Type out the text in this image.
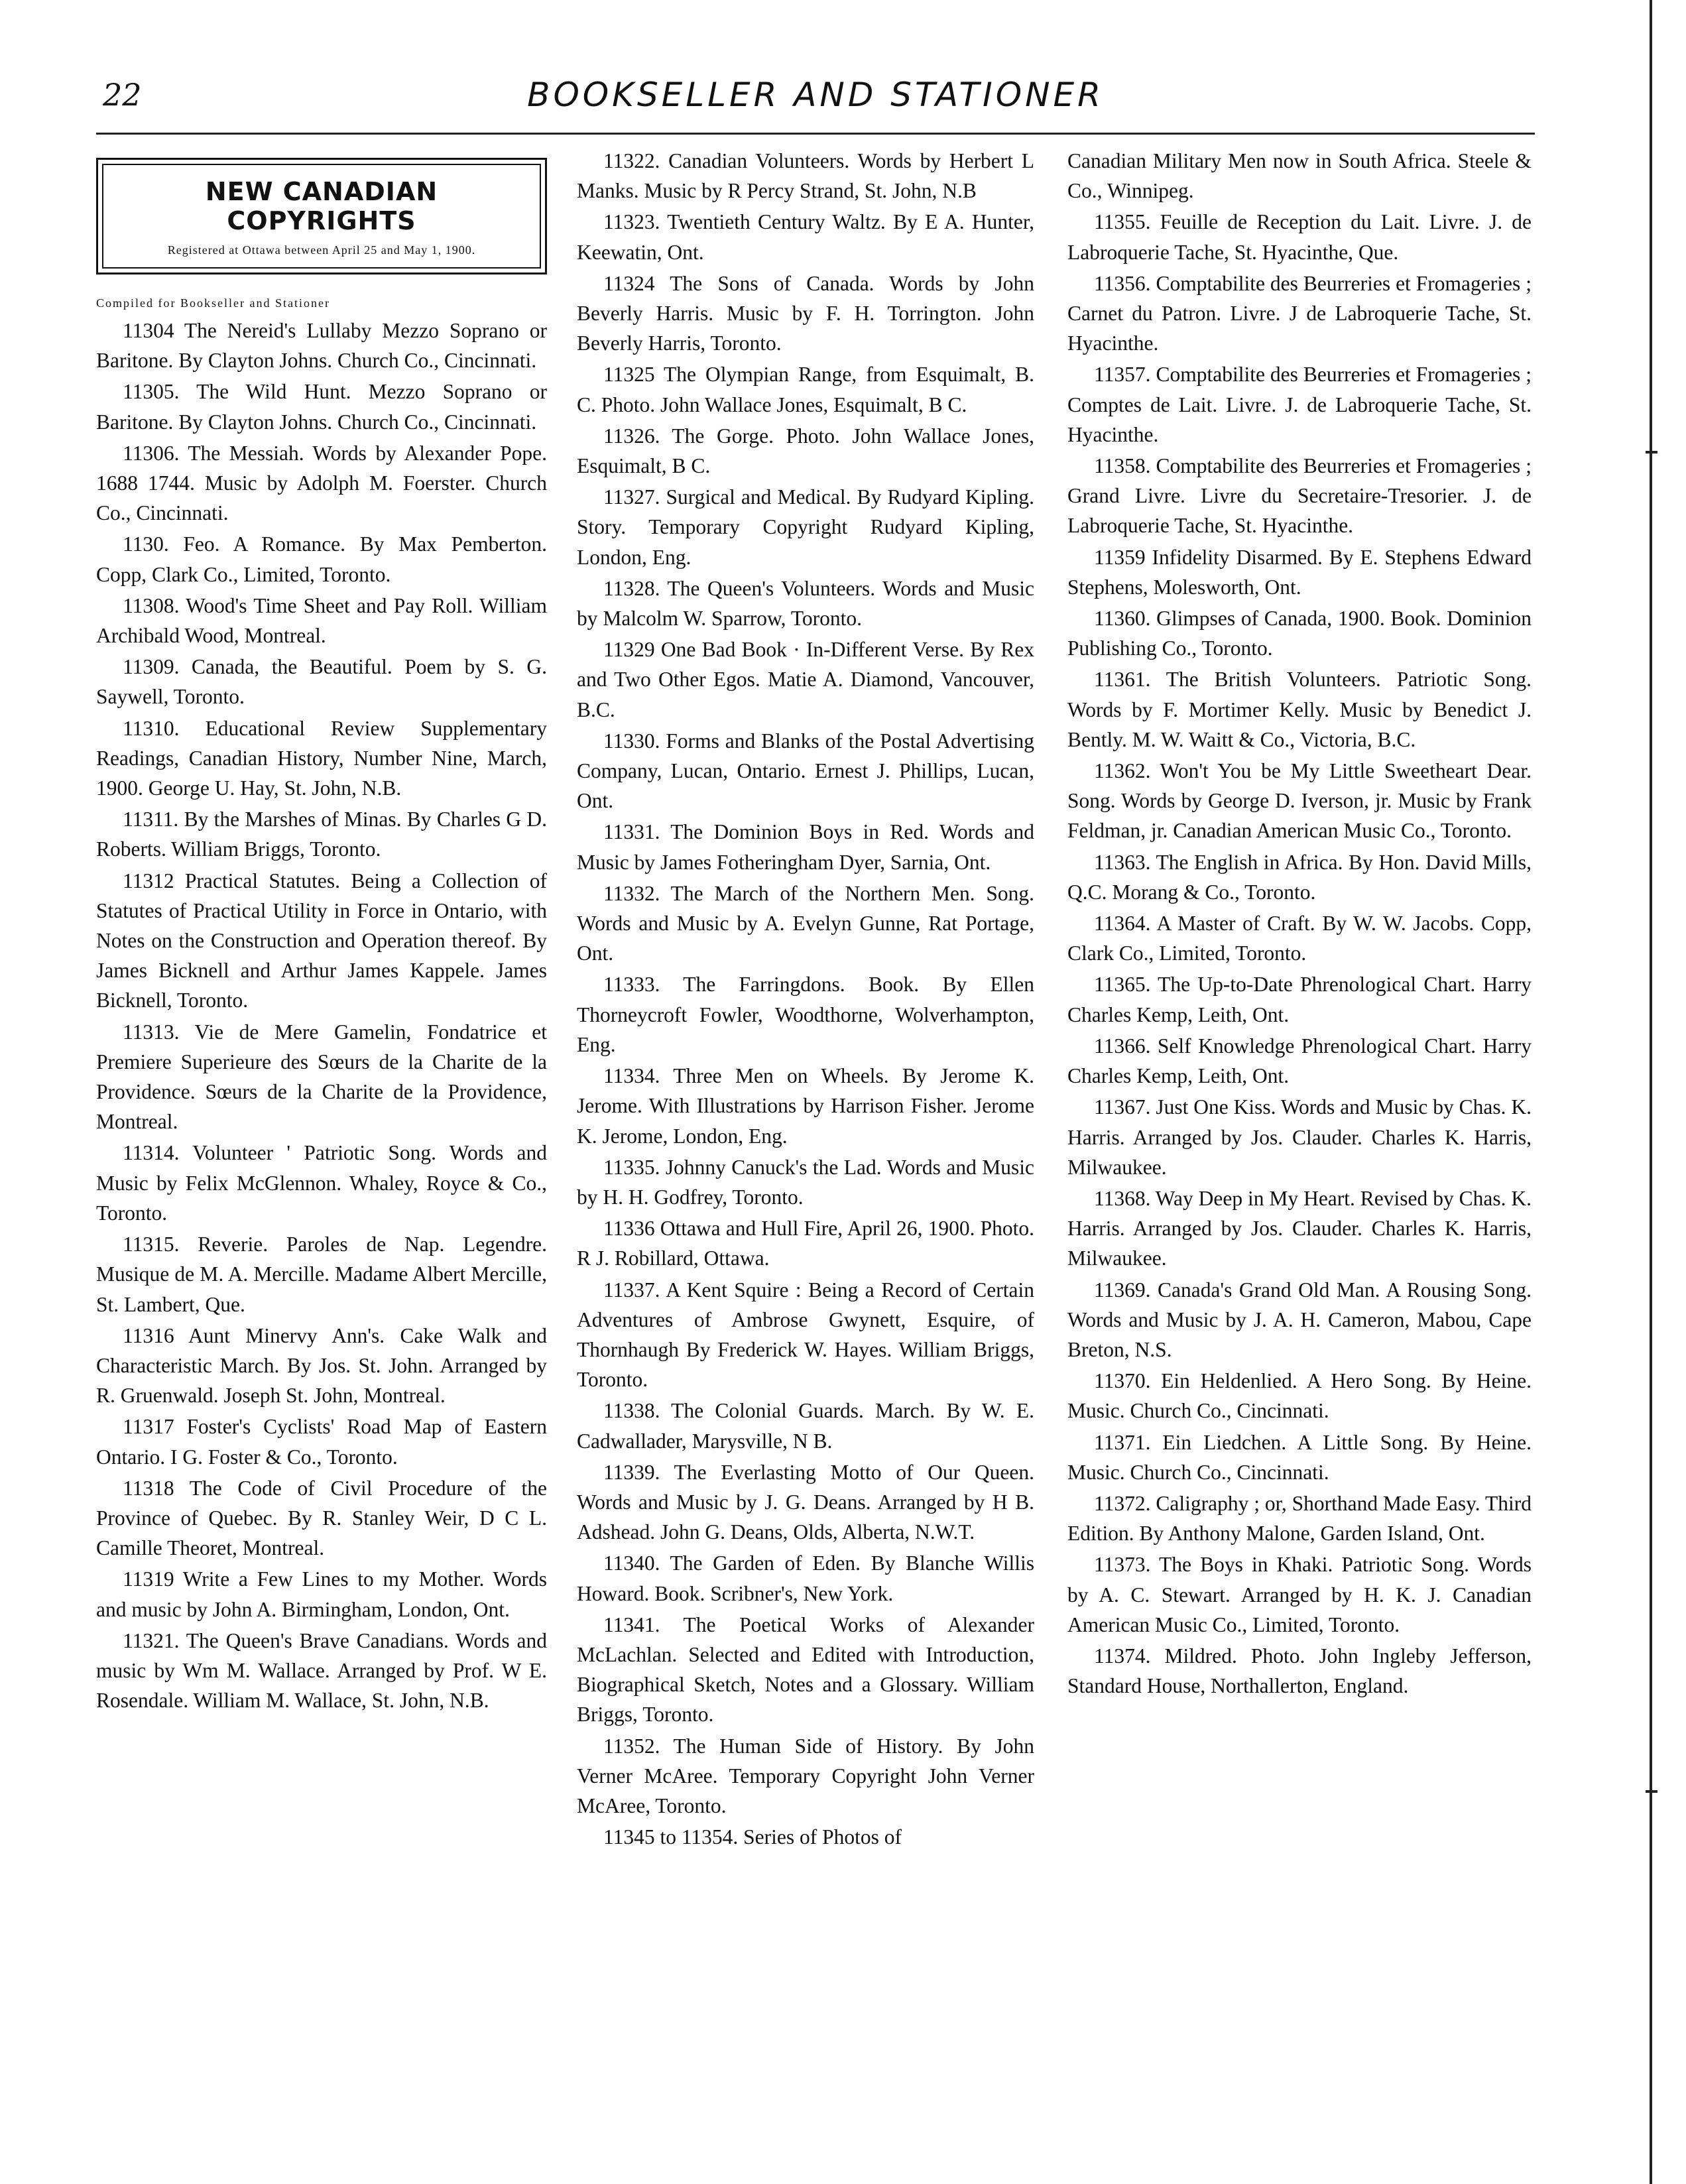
22	BOOKSELLER AND STATIONER
NEW CANADIAN COPYRIGHTS
Registered at Ottawa between April 25 and May 1, 1900.

Compiled for Bookseller and Stationer

11304 The Nereid's Lullaby Mezzo Soprano or Baritone. By Clayton Johns. Church Co., Cincinnati.

11305. The Wild Hunt. Mezzo Soprano or Baritone. By Clayton Johns. Church Co., Cincinnati.

11306. The Messiah. Words by Alexander Pope. 1688 1744. Music by Adolph M. Foerster. Church Co., Cincinnati.

1130. Feo. A Romance. By Max Pemberton. Copp, Clark Co., Limited, Toronto.

11308. Wood's Time Sheet and Pay Roll. William Archibald Wood, Montreal.

11309. Canada, the Beautiful. Poem by S. G. Saywell, Toronto.

11310. Educational Review Supplementary Readings, Canadian History, Number Nine, March, 1900. George U. Hay, St. John, N.B.

11311. By the Marshes of Minas. By Charles G D. Roberts. William Briggs, Toronto.

11312 Practical Statutes. Being a Collection of Statutes of Practical Utility in Force in Ontario, with Notes on the Construction and Operation thereof. By James Bicknell and Arthur James Kappele. James Bicknell, Toronto.

11313. Vie de Mere Gamelin, Fondatrice et Premiere Superieure des Sœurs de la Charite de la Providence. Sœurs de la Charite de la Providence, Montreal.

11314. Volunteer ' Patriotic Song. Words and Music by Felix McGlennon. Whaley, Royce & Co., Toronto.

11315. Reverie. Paroles de Nap. Legendre. Musique de M. A. Mercille. Madame Albert Mercille, St. Lambert, Que.

11316 Aunt Minervy Ann's. Cake Walk and Characteristic March. By Jos. St. John. Arranged by R. Gruenwald. Joseph St. John, Montreal.

11317 Foster's Cyclists' Road Map of Eastern Ontario. I G. Foster & Co., Toronto.

11318 The Code of Civil Procedure of the Province of Quebec. By R. Stanley Weir, D C L. Camille Theoret, Montreal.

11319 Write a Few Lines to my Mother. Words and music by John A. Birmingham, London, Ont.

11321. The Queen's Brave Canadians. Words and music by Wm M. Wallace. Arranged by Prof. W E. Rosendale. William M. Wallace, St. John, N.B.

11322. Canadian Volunteers. Words by Herbert L Manks. Music by R Percy Strand, St. John, N.B

11323. Twentieth Century Waltz. By E A. Hunter, Keewatin, Ont.

11324 The Sons of Canada. Words by John Beverly Harris. Music by F. H. Torrington. John Beverly Harris, Toronto.

11325 The Olympian Range, from Esquimalt, B. C. Photo. John Wallace Jones, Esquimalt, B C.

11326. The Gorge. Photo. John Wallace Jones, Esquimalt, B C.

11327. Surgical and Medical. By Rudyard Kipling. Story. Temporary Copyright Rudyard Kipling, London, Eng.

11328. The Queen's Volunteers. Words and Music by Malcolm W. Sparrow, Toronto.

11329 One Bad Book · In-Different Verse. By Rex and Two Other Egos. Matie A. Diamond, Vancouver, B.C.

11330. Forms and Blanks of the Postal Advertising Company, Lucan, Ontario. Ernest J. Phillips, Lucan, Ont.

11331. The Dominion Boys in Red. Words and Music by James Fotheringham Dyer, Sarnia, Ont.

11332. The March of the Northern Men. Song. Words and Music by A. Evelyn Gunne, Rat Portage, Ont.

11333. The Farringdons. Book. By Ellen Thorneycroft Fowler, Woodthorne, Wolverhampton, Eng.

11334. Three Men on Wheels. By Jerome K. Jerome. With Illustrations by Harrison Fisher. Jerome K. Jerome, London, Eng.

11335. Johnny Canuck's the Lad. Words and Music by H. H. Godfrey, Toronto.

11336 Ottawa and Hull Fire, April 26, 1900. Photo. R J. Robillard, Ottawa.

11337. A Kent Squire : Being a Record of Certain Adventures of Ambrose Gwynett, Esquire, of Thornhaugh By Frederick W. Hayes. William Briggs, Toronto.

11338. The Colonial Guards. March. By W. E. Cadwallader, Marysville, N B.

11339. The Everlasting Motto of Our Queen. Words and Music by J. G. Deans. Arranged by H B. Adshead. John G. Deans, Olds, Alberta, N.W.T.

11340. The Garden of Eden. By Blanche Willis Howard. Book. Scribner's, New York.

11341. The Poetical Works of Alexander McLachlan. Selected and Edited with Introduction, Biographical Sketch, Notes and a Glossary. William Briggs, Toronto.

11352. The Human Side of History. By John Verner McAree. Temporary Copyright John Verner McAree, Toronto.

11345 to 11354. Series of Photos of

Canadian Military Men now in South Africa. Steele & Co., Winnipeg.

11355. Feuille de Reception du Lait. Livre. J. de Labroquerie Tache, St. Hyacinthe, Que.

11356. Comptabilite des Beurreries et Fromageries ; Carnet du Patron. Livre. J de Labroquerie Tache, St. Hyacinthe.

11357. Comptabilite des Beurreries et Fromageries ; Comptes de Lait. Livre. J. de Labroquerie Tache, St. Hyacinthe.

11358. Comptabilite des Beurreries et Fromageries ; Grand Livre. Livre du Secretaire-Tresorier. J. de Labroquerie Tache, St. Hyacinthe.

11359 Infidelity Disarmed. By E. Stephens Edward Stephens, Molesworth, Ont.

11360. Glimpses of Canada, 1900. Book. Dominion Publishing Co., Toronto.

11361. The British Volunteers. Patriotic Song. Words by F. Mortimer Kelly. Music by Benedict J. Bently. M. W. Waitt & Co., Victoria, B.C.

11362. Won't You be My Little Sweetheart Dear. Song. Words by George D. Iverson, jr. Music by Frank Feldman, jr. Canadian American Music Co., Toronto.

11363. The English in Africa. By Hon. David Mills, Q.C. Morang & Co., Toronto.

11364. A Master of Craft. By W. W. Jacobs. Copp, Clark Co., Limited, Toronto.

11365. The Up-to-Date Phrenological Chart. Harry Charles Kemp, Leith, Ont.

11366. Self Knowledge Phrenological Chart. Harry Charles Kemp, Leith, Ont.

11367. Just One Kiss. Words and Music by Chas. K. Harris. Arranged by Jos. Clauder. Charles K. Harris, Milwaukee.

11368. Way Deep in My Heart. Revised by Chas. K. Harris. Arranged by Jos. Clauder. Charles K. Harris, Milwaukee.

11369. Canada's Grand Old Man. A Rousing Song. Words and Music by J. A. H. Cameron, Mabou, Cape Breton, N.S.

11370. Ein Heldenlied. A Hero Song. By Heine. Music. Church Co., Cincinnati.

11371. Ein Liedchen. A Little Song. By Heine. Music. Church Co., Cincinnati.

11372. Caligraphy ; or, Shorthand Made Easy. Third Edition. By Anthony Malone, Garden Island, Ont.

11373. The Boys in Khaki. Patriotic Song. Words by A. C. Stewart. Arranged by H. K. J. Canadian American Music Co., Limited, Toronto.

11374. Mildred. Photo. John Ingleby Jefferson, Standard House, Northallerton, England.
